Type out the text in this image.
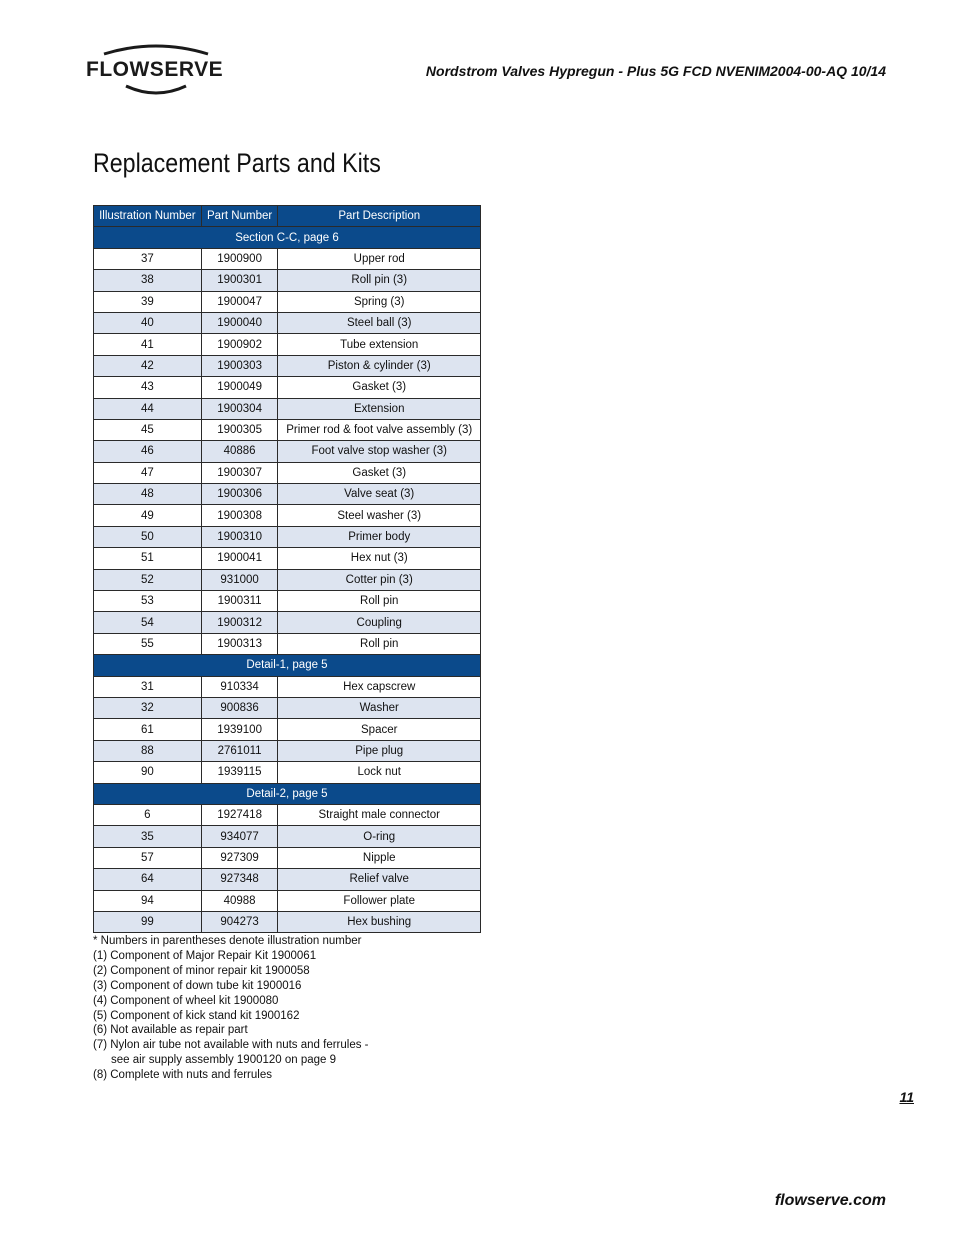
FLOWSERVE	Nordstrom Valves Hypregun - Plus 5G FCD NVENIM2004-00-AQ 10/14
Replacement Parts and Kits
Illustration Number	Part Number	Part Description
Section C-C, page 6		
37	1900900	Upper rod
38	1900301	Roll pin (3)
39	1900047	Spring (3)
40	1900040	Steel ball (3)
41	1900902	Tube extension
42	1900303	Piston & cylinder (3)
43	1900049	Gasket (3)
44	1900304	Extension
45	1900305	Primer rod & foot valve assembly (3)
46	40886	Foot valve stop washer (3)
47	1900307	Gasket (3)
48	1900306	Valve seat (3)
49	1900308	Steel washer (3)
50	1900310	Primer body
51	1900041	Hex nut (3)
52	931000	Cotter pin (3)
53	1900311	Roll pin
54	1900312	Coupling
55	1900313	Roll pin
Detail-1, page 5		
31	910334	Hex capscrew
32	900836	Washer
61	1939100	Spacer
88	2761011	Pipe plug
90	1939115	Lock nut
Detail-2, page 5		
6	1927418	Straight male connector
35	934077	O-ring
57	927309	Nipple
64	927348	Relief valve
94	40988	Follower plate
99	904273	Hex bushing
* Numbers in parentheses denote illustration number
(1) Component of Major Repair Kit 1900061
(2) Component of minor repair kit 1900058
(3) Component of down tube kit 1900016
(4) Component of wheel kit 1900080
(5) Component of kick stand kit 1900162
(6) Not available as repair part
(7) Nylon air tube not available with nuts and ferrules -
see air supply assembly 1900120 on page 9
(8) Complete with nuts and ferrules
11
flowserve.com
